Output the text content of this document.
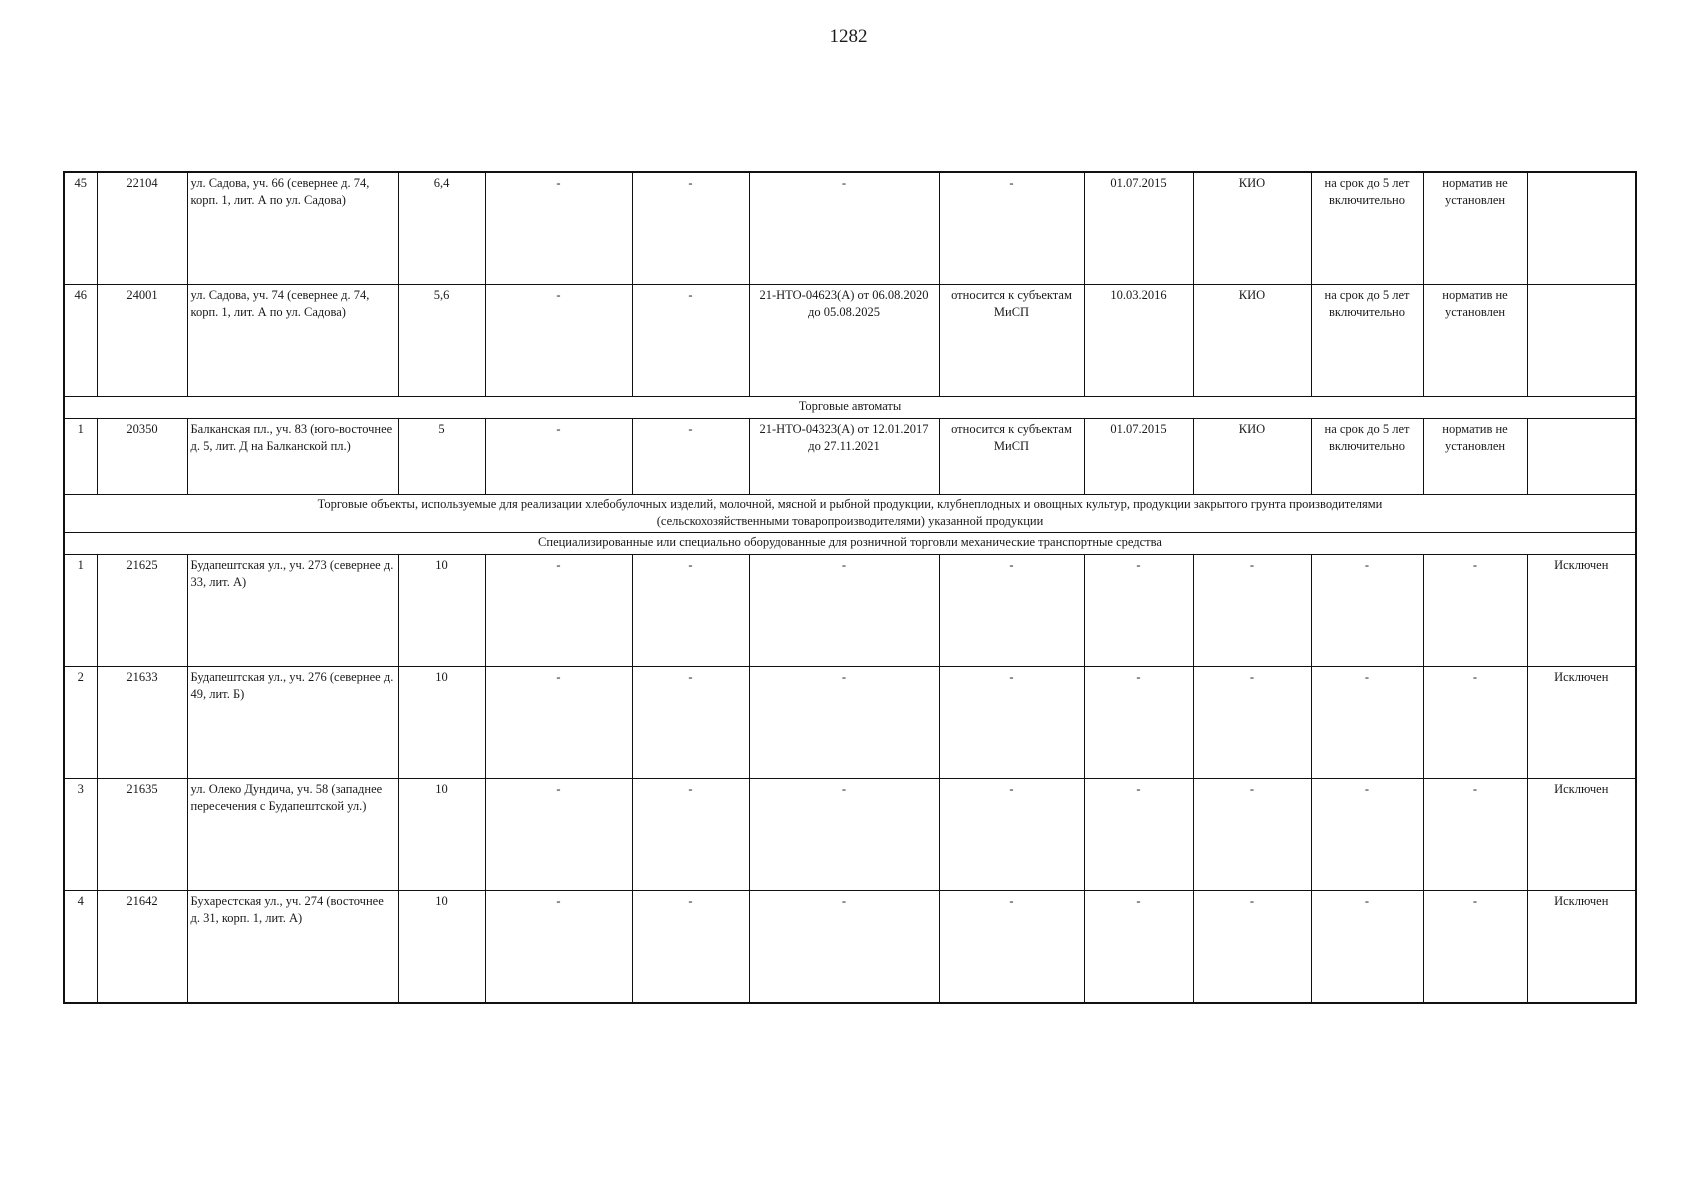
1282
45	22104	ул. Садова, уч. 66 (севернее д. 74, корп. 1, лит. А по ул. Садова)	6,4	-	-	-	-	01.07.2015	КИО	на срок до 5 лет включительно	норматив не установлен	
46	24001	ул. Садова, уч. 74 (севернее д. 74, корп. 1, лит. А по ул. Садова)	5,6	-	-	21-НТО-04623(А) от 06.08.2020 до 05.08.2025	относится к субъектам МиСП	10.03.2016	КИО	на срок до 5 лет включительно	норматив не установлен	
Торговые автоматы												
1	20350	Балканская пл., уч. 83 (юго-восточнее д. 5, лит. Д на Балканской пл.)	5	-	-	21-НТО-04323(А) от 12.01.2017 до 27.11.2021	относится к субъектам МиСП	01.07.2015	КИО	на срок до 5 лет включительно	норматив не установлен	
Торговые объекты, используемые для реализации хлебобулочных изделий, молочной, мясной и рыбной продукции, клубнеплодных и овощных культур, продукции закрытого грунта производителями (сельскохозяйственными товаропроизводителями) указанной продукции												
Специализированные или специально оборудованные для розничной торговли механические транспортные средства												
1	21625	Будапештская ул., уч. 273 (севернее д. 33, лит. А)	10	-	-	-	-	-	-	-	-	Исключен
2	21633	Будапештская ул., уч. 276 (севернее д. 49, лит. Б)	10	-	-	-	-	-	-	-	-	Исключен
3	21635	ул. Олеко Дундича, уч. 58 (западнее пересечения с Будапештской ул.)	10	-	-	-	-	-	-	-	-	Исключен
4	21642	Бухарестская ул., уч. 274 (восточнее д. 31, корп. 1, лит. А)	10	-	-	-	-	-	-	-	-	Исключен
